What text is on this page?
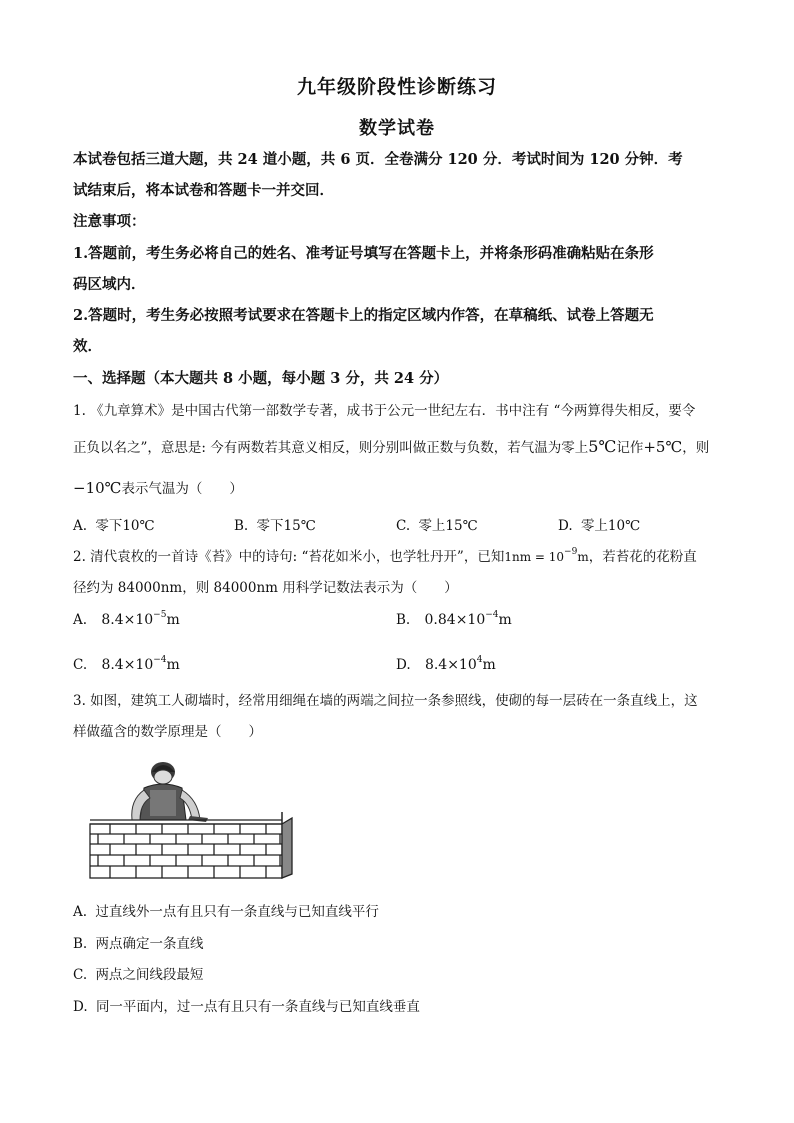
九年级阶段性诊断练习
数学试卷
本试卷包括三道大题，共 24 道小题，共 6 页．全卷满分 120 分．考试时间为 120 分钟．考
试结束后，将本试卷和答题卡一并交回．
注意事项：
1.答题前，考生务必将自己的姓名、准考证号填写在答题卡上，并将条形码准确粘贴在条形
码区域内．
2.答题时，考生务必按照考试要求在答题卡上的指定区域内作答，在草稿纸、试卷上答题无
效．
一、选择题（本大题共 8 小题，每小题 3 分，共 24 分）
1. 《九章算术》是中国古代第一部数学专著，成书于公元一世纪左右．书中注有 “今两算得失相反，要令
正负以名之”，意思是: 今有两数若其意义相反，则分别叫做正数与负数，若气温为零上5℃记作+5℃，则
−10℃表示气温为（　　）
A. 零下10℃	B. 零下15℃	C. 零上15℃	D. 零上10℃
2. 清代袁枚的一首诗《苔》中的诗句: “苔花如米小，也学牡丹开”，已知$1nm = 10^{-9}m$，若苔花的花粉直
径约为 84000nm，则 84000nm 用科学记数法表示为（　　）
A. $8.4\times 10^{-5}m$	B. $0.84\times 10^{-4}m$
C. $8.4\times 10^{-4}m$	D. $8.4\times 10^4m$
3. 如图，建筑工人砌墙时，经常用细绳在墙的两端之间拉一条参照线，使砌的每一层砖在一条直线上，这
样做蕴含的数学原理是（　　）
A. 过直线外一点有且只有一条直线与已知直线平行
B. 两点确定一条直线
C. 两点之间线段最短
D. 同一平面内，过一点有且只有一条直线与已知直线垂直
